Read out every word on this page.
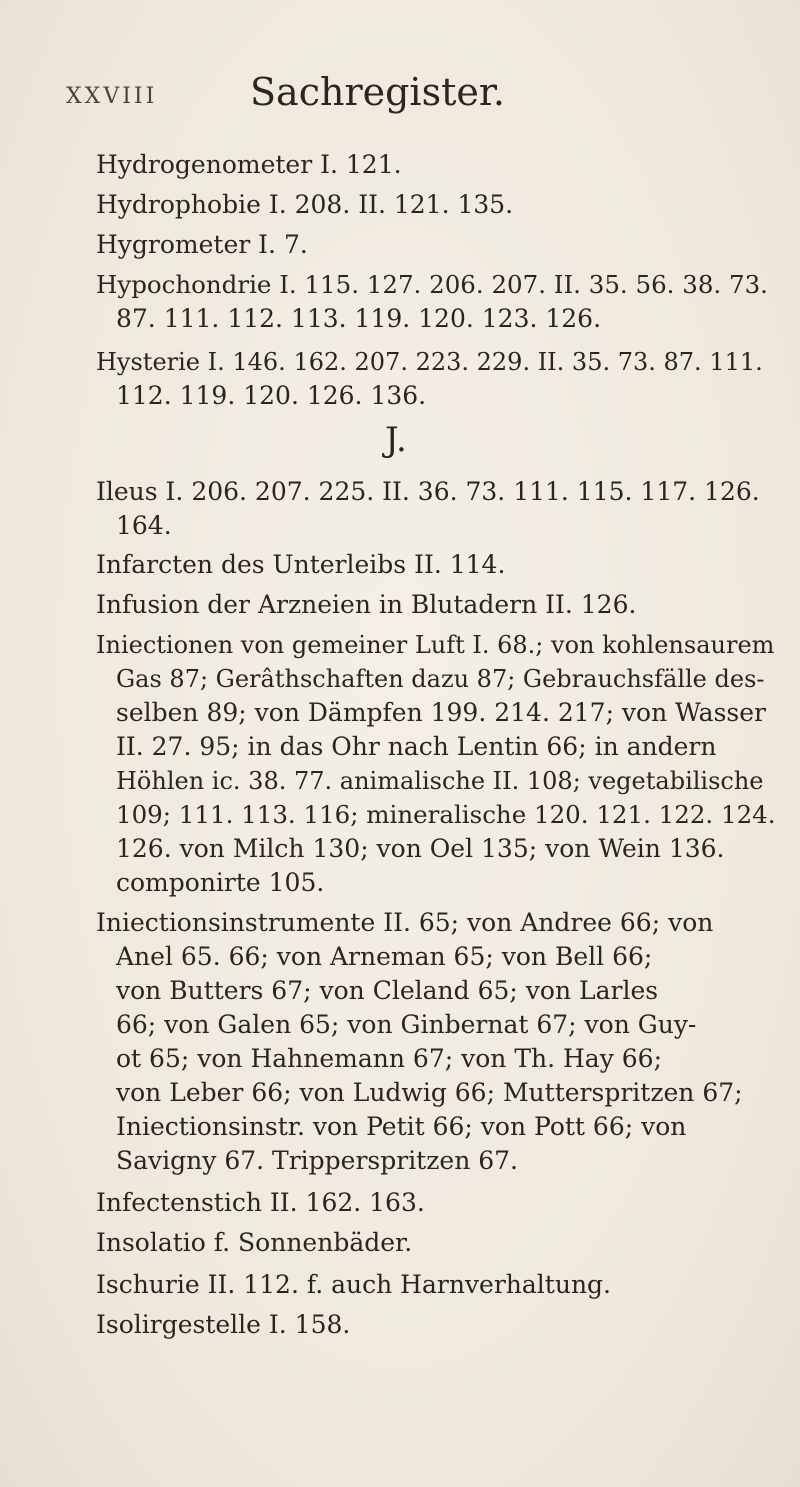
XXVIII Sachregister.
J.
Hydrogenometer I. 121.
Hydrophobie I. 208. II. 121. 135.
Hygrometer I. 7.
Hypochondrie I. 115. 127. 206. 207. II. 35. 56. 38. 73.
87. 111. 112. 113. 119. 120. 123. 126.
Hysterie I. 146. 162. 207. 223. 229. II. 35. 73. 87. 111.
112. 119. 120. 126. 136.
Ileus I. 206. 207. 225. II. 36. 73. 111. 115. 117. 126.
164.
Infarcten des Unterleibs II. 114.
Infusion der Arzneien in Blutadern II. 126.
Iniectionen von gemeiner Luft I. 68.; von kohlensaurem
Gas 87; Gerâthschaften dazu 87; Gebrauchsfälle des-
selben 89; von Dämpfen 199. 214. 217; von Wasser
II. 27. 95; in das Ohr nach Lentin 66; in andern
Höhlen ic. 38. 77. animalische II. 108; vegetabilische
109; 111. 113. 116; mineralische 120. 121. 122. 124.
126. von Milch 130; von Oel 135; von Wein 136.
componirte 105.
Iniectionsinstrumente II. 65; von Andree 66; von
Anel 65. 66; von Arneman 65; von Bell 66;
von Butters 67; von Cleland 65; von Larles
66; von Galen 65; von Ginbernat 67; von Guy-
ot 65; von Hahnemann 67; von Th. Hay 66;
von Leber 66; von Ludwig 66; Mutterspritzen 67;
Iniectionsinstr. von Petit 66; von Pott 66; von
Savigny 67. Tripperspritzen 67.
Infectenstich II. 162. 163.
Insolatio f. Sonnenbäder.
Ischurie II. 112. f. auch Harnverhaltung.
Isolirgestelle I. 158.
